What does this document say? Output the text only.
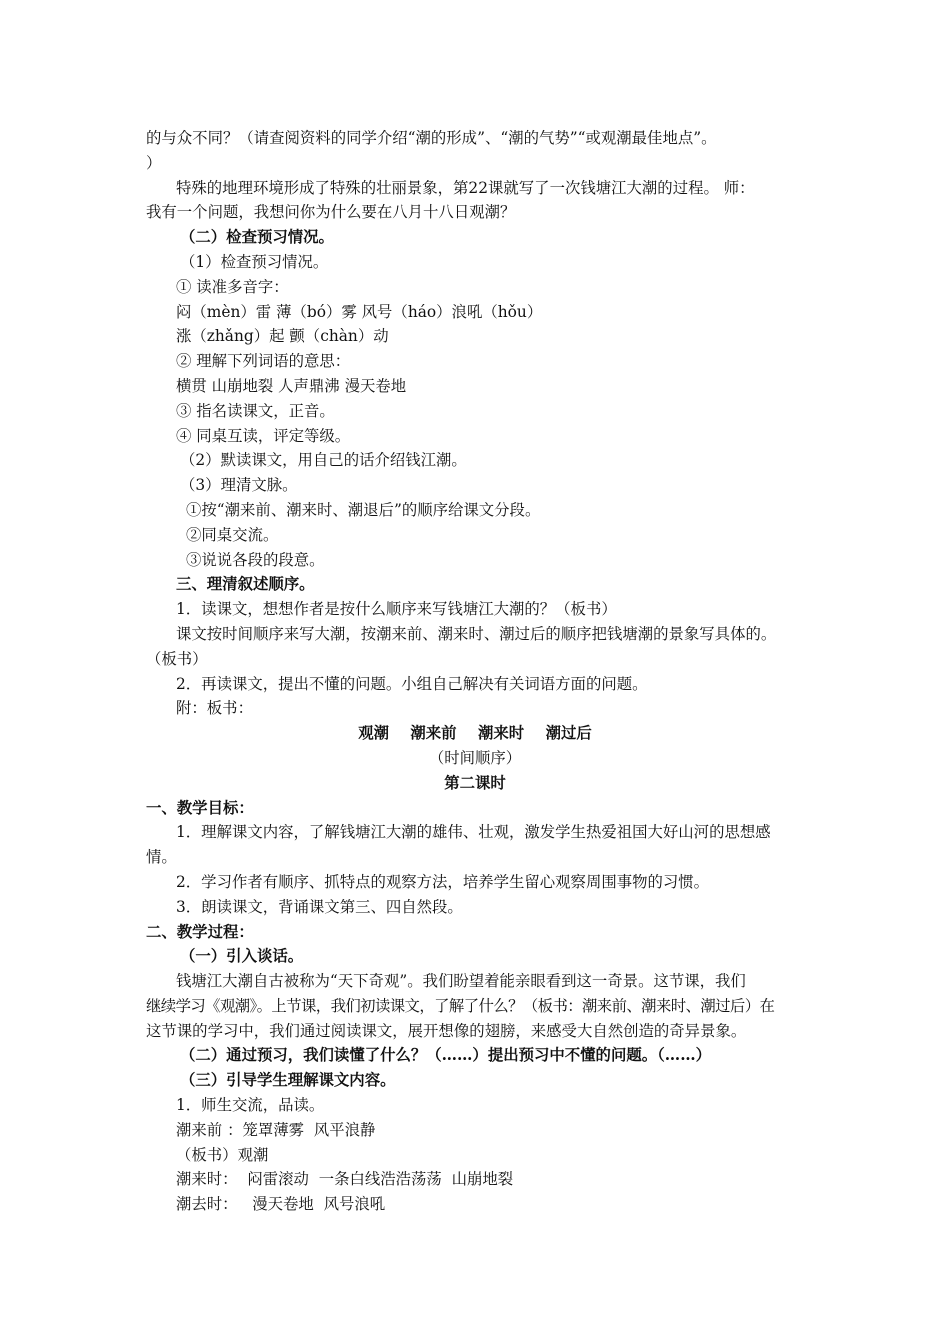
的与众不同？（请查阅资料的同学介绍“潮的形成”、“潮的气势”“或观潮最佳地点”。
）
特殊的地理环境形成了特殊的壮丽景象，第22课就写了一次钱塘江大潮的过程。 师：
我有一个问题，我想问你为什么要在八月十八日观潮？
（二）检查预习情况。
（1）检查预习情况。
① 读准多音字：
闷（mèn）雷 薄（bó）雾 风号（háo）浪吼（hǒu）
涨（zhǎng）起 颤（chàn）动
② 理解下列词语的意思：
横贯 山崩地裂 人声鼎沸 漫天卷地
③ 指名读课文，正音。
④ 同桌互读，评定等级。
（2）默读课文，用自己的话介绍钱江潮。
（3）理清文脉。
①按“潮来前、潮来时、潮退后”的顺序给课文分段。
②同桌交流。
③说说各段的段意。
三、理清叙述顺序。
1．读课文，想想作者是按什么顺序来写钱塘江大潮的？（板书）
课文按时间顺序来写大潮，按潮来前、潮来时、潮过后的顺序把钱塘潮的景象写具体的。
（板书）
2．再读课文，提出不懂的问题。小组自己解决有关词语方面的问题。
附：板书：
观潮    潮来前    潮来时    潮过后
（时间顺序）
第二课时
一、教学目标：
1．理解课文内容，了解钱塘江大潮的雄伟、壮观，激发学生热爱祖国大好山河的思想感
情。
2．学习作者有顺序、抓特点的观察方法，培养学生留心观察周围事物的习惯。
3．朗读课文，背诵课文第三、四自然段。
二、教学过程：
（一）引入谈话。
钱塘江大潮自古被称为“天下奇观”。我们盼望着能亲眼看到这一奇景。这节课，我们
继续学习《观潮》。上节课，我们初读课文，了解了什么？（板书：潮来前、潮来时、潮过后）在
这节课的学习中，我们通过阅读课文，展开想像的翅膀，来感受大自然创造的奇异景象。
（二）通过预习，我们读懂了什么？（……）提出预习中不懂的问题。（……）
（三）引导学生理解课文内容。
1．师生交流，品读。
潮来前 ：笼罩薄雾  风平浪静
（板书）观潮
潮来时：  闷雷滚动  一条白线浩浩荡荡  山崩地裂
潮去时：   漫天卷地  风号浪吼
